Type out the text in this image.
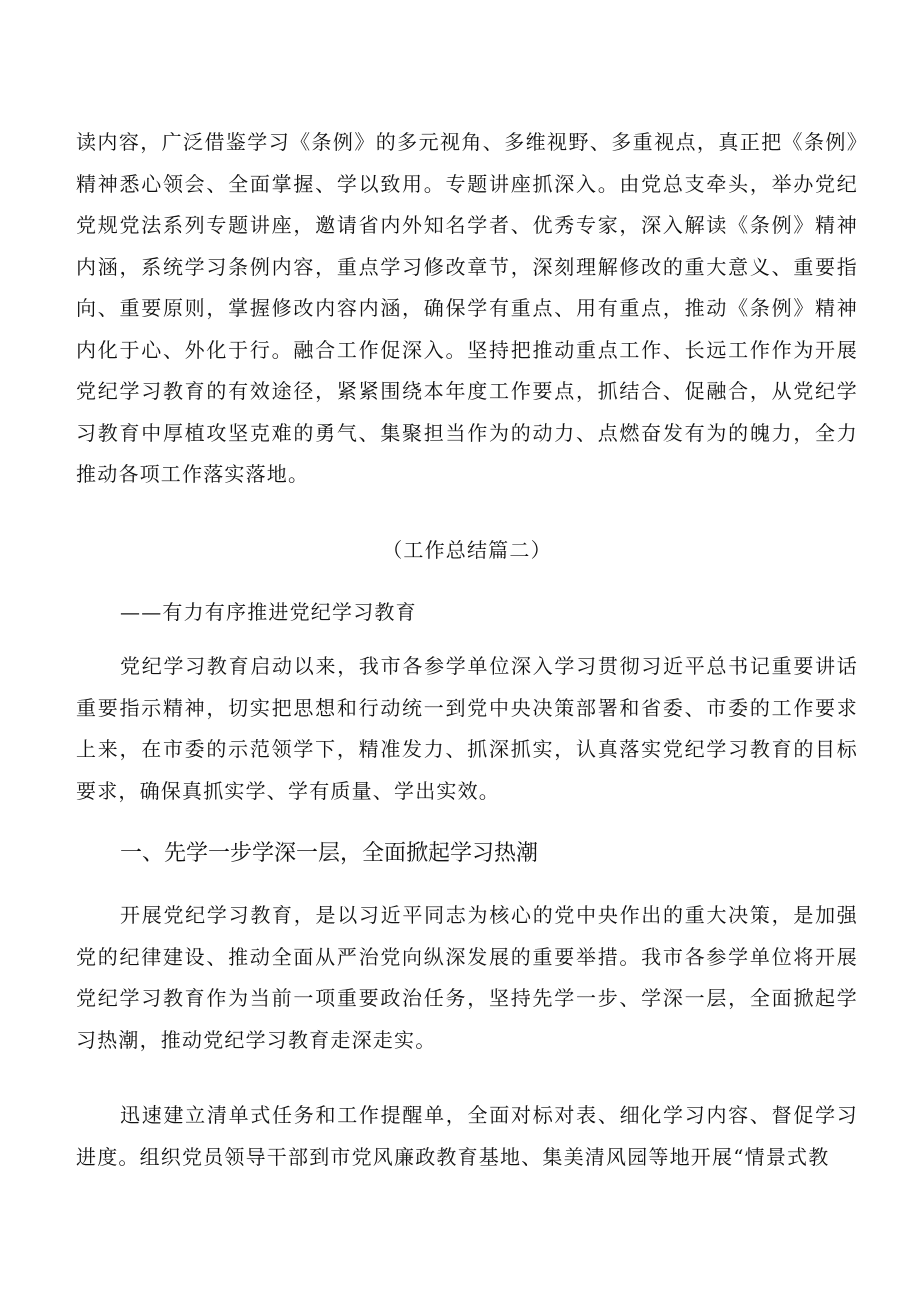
读内容，广泛借鉴学习《条例》的多元视角、多维视野、多重视点，真正把《条例》精神悉心领会、全面掌握、学以致用。专题讲座抓深入。由党总支牵头，举办党纪党规党法系列专题讲座，邀请省内外知名学者、优秀专家，深入解读《条例》精神内涵，系统学习条例内容，重点学习修改章节，深刻理解修改的重大意义、重要指向、重要原则，掌握修改内容内涵，确保学有重点、用有重点，推动《条例》精神内化于心、外化于行。融合工作促深入。坚持把推动重点工作、长远工作作为开展党纪学习教育的有效途径，紧紧围绕本年度工作要点，抓结合、促融合，从党纪学习教育中厚植攻坚克难的勇气、集聚担当作为的动力、点燃奋发有为的魄力，全力推动各项工作落实落地。

（工作总结篇二）

——有力有序推进党纪学习教育

党纪学习教育启动以来，我市各参学单位深入学习贯彻习近平总书记重要讲话重要指示精神，切实把思想和行动统一到党中央决策部署和省委、市委的工作要求上来，在市委的示范领学下，精准发力、抓深抓实，认真落实党纪学习教育的目标要求，确保真抓实学、学有质量、学出实效。

一、先学一步学深一层，全面掀起学习热潮

开展党纪学习教育，是以习近平同志为核心的党中央作出的重大决策，是加强党的纪律建设、推动全面从严治党向纵深发展的重要举措。我市各参学单位将开展党纪学习教育作为当前一项重要政治任务，坚持先学一步、学深一层，全面掀起学习热潮，推动党纪学习教育走深走实。

迅速建立清单式任务和工作提醒单，全面对标对表、细化学习内容、督促学习进度。组织党员领导干部到市党风廉政教育基地、集美清风园等地开展“情景式教
